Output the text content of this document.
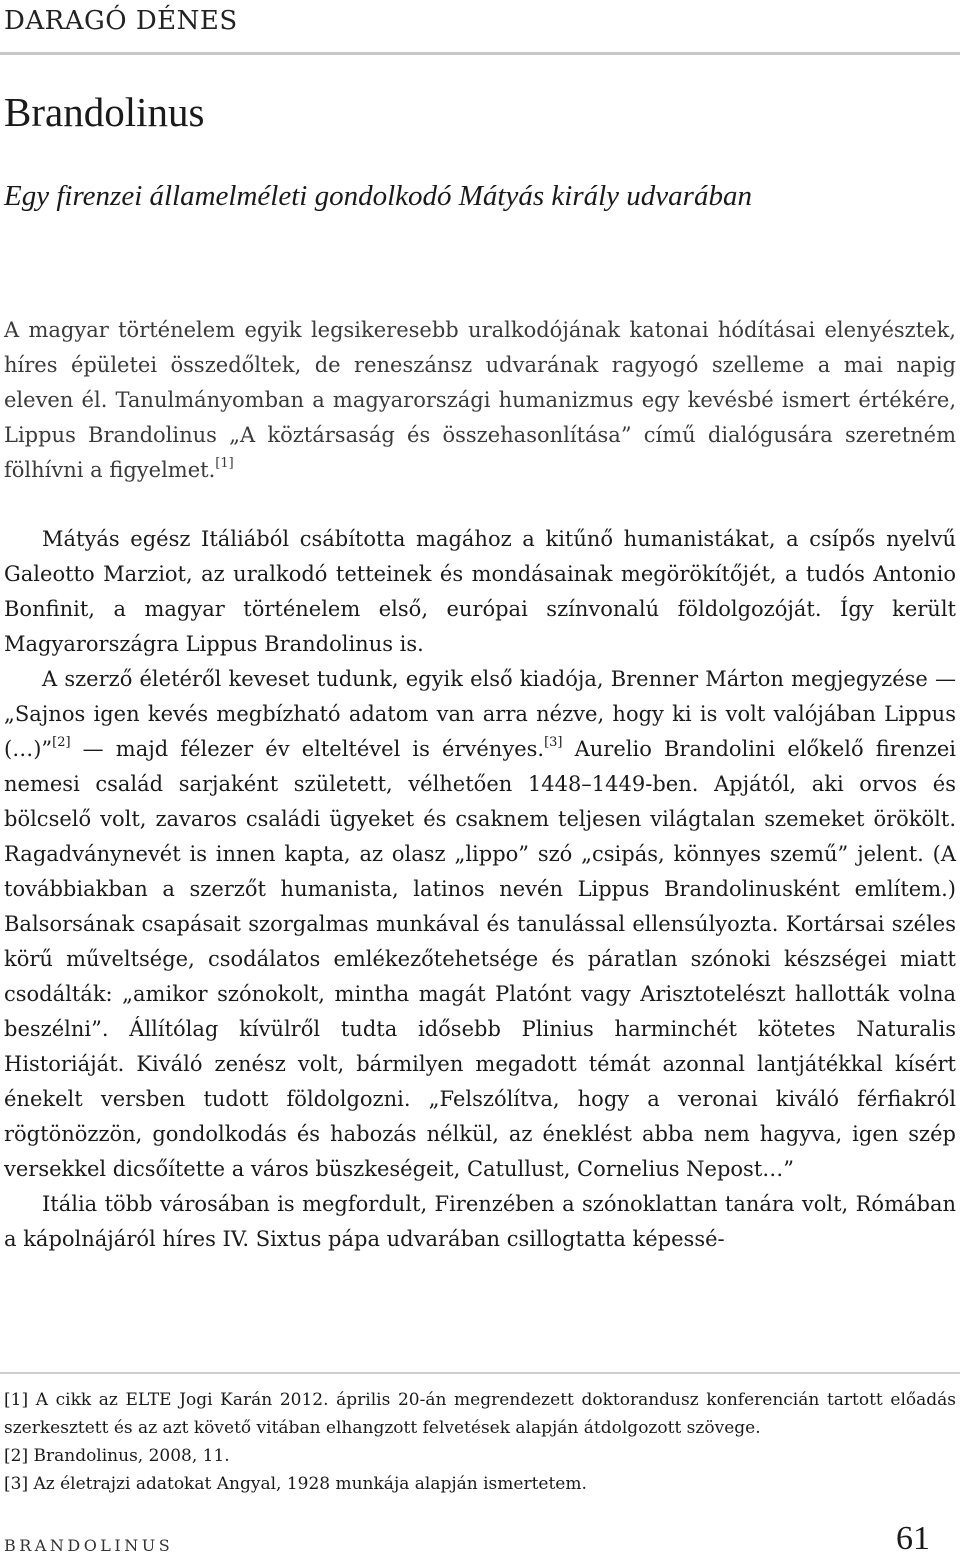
DARAGÓ DÉNES
Brandolinus
Egy firenzei államelméleti gondolkodó Mátyás király udvarában

A magyar történelem egyik legsikeresebb uralkodójának katonai hódításai elenyésztek, híres épületei összedőltek, de reneszánsz udvarának ragyogó szelleme a mai napig eleven él. Tanulmányomban a magyarországi humanizmus egy kevésbé ismert értékére, Lippus Brandolinus „A köztársaság és összehasonlítása” című dialógusára szeretném fölhívni a figyelmet.[1]

Mátyás egész Itáliából csábította magához a kitűnő humanistákat, a csípős nyelvű Galeotto Marziot, az uralkodó tetteinek és mondásainak megörökítőjét, a tudós Antonio Bonfinit, a magyar történelem első, európai színvonalú földolgozóját. Így került Magyarországra Lippus Brandolinus is.

A szerző életéről keveset tudunk, egyik első kiadója, Brenner Márton megjegyzése — „Sajnos igen kevés megbízható adatom van arra nézve, hogy ki is volt valójában Lippus (…)”[2] — majd félezer év elteltével is érvényes.[3] Aurelio Brandolini előkelő firenzei nemesi család sarjaként született, vélhetően 1448–1449-ben. Apjától, aki orvos és bölcselő volt, zavaros családi ügyeket és csaknem teljesen világtalan szemeket örökölt. Ragadványnevét is innen kapta, az olasz „lippo” szó „csipás, könnyes szemű” jelent. (A továbbiakban a szerzőt humanista, latinos nevén Lippus Brandolinusként említem.) Balsorsának csapásait szorgalmas munkával és tanulással ellensúlyozta. Kortársai széles körű műveltsége, csodálatos emlékezőtehetsége és páratlan szónoki készségei miatt csodálták: „amikor szónokolt, mintha magát Platónt vagy Arisztotelészt hallották volna beszélni”. Állítólag kívülről tudta idősebb Plinius harminchét kötetes Naturalis Historiáját. Kiváló zenész volt, bármilyen megadott témát azonnal lantjátékkal kísért énekelt versben tudott földolgozni. „Felszólítva, hogy a veronai kiváló férfiakról rögtönözzön, gondolkodás és habozás nélkül, az éneklést abba nem hagyva, igen szép versekkel dicsőítette a város büszkeségeit, Catullust, Cornelius Nepost…”

Itália több városában is megfordult, Firenzében a szónoklattan tanára volt, Rómában a kápolnájáról híres IV. Sixtus pápa udvarában csillogtatta képessé-

[1] A cikk az ELTE Jogi Karán 2012. április 20-án megrendezett doktorandusz konferencián tartott előadás szerkesztett és az azt követő vitában elhangzott felvetések alapján átdolgozott szövege.
[2] Brandolinus, 2008, 11.
[3] Az életrajzi adatokat Angyal, 1928 munkája alapján ismertetem.
BRANDOLINUS	61
